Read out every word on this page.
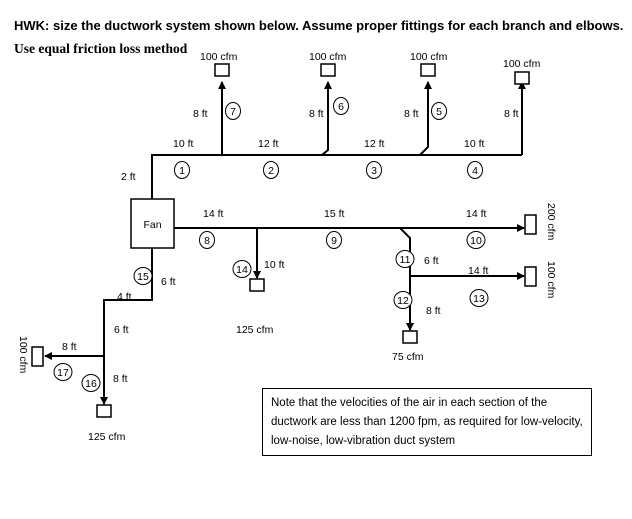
HWK: size the ductwork system shown below. Assume proper fittings for each branch and elbows.
Use equal friction loss method
Fan
100 cfm	100 cfm	100 cfm
100 cfm
200 cfm
100 cfm
125 cfm
75 cfm
100 cfm
125 cfm
10 ft	12 ft	12 ft	10 ft
8 ft	8 ft	8 ft	8 ft
2 ft
14 ft	15 ft	14 ft
10 ft	6 ft
14 ft
8 ft
6 ft
4 ft
6 ft
8 ft
8 ft
1	2	3	4
5
6
7
8	9	10
11
12	13
14
15
16
17
Note that the velocities of the air in each section of the ductwork are less than 1200 fpm, as required for low-velocity, low-noise, low-vibration duct system
